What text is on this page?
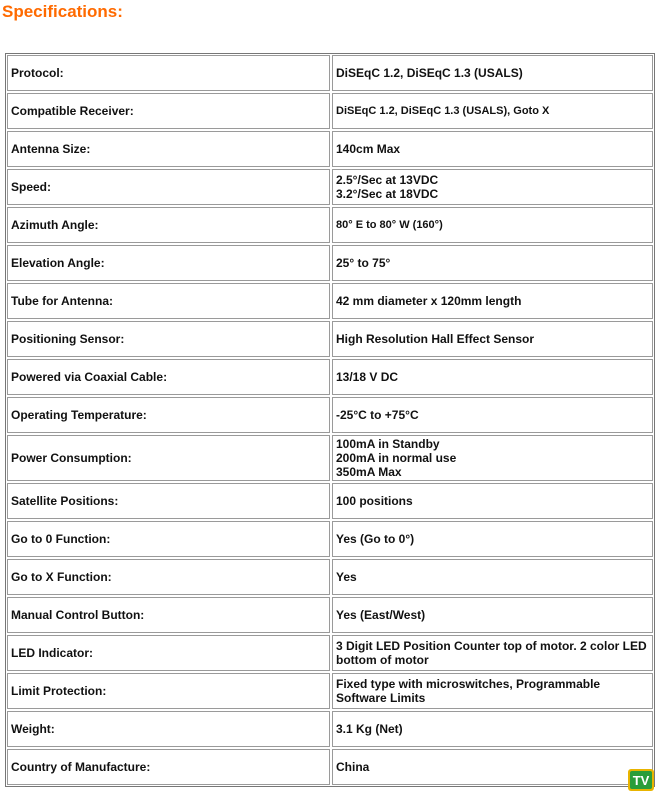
Specifications:
Protocol:	DiSEqC 1.2, DiSEqC 1.3 (USALS)
Compatible Receiver:	DiSEqC 1.2, DiSEqC 1.3 (USALS), Goto X
Antenna Size:	140cm Max
Speed:	2.5°/Sec at 13VDC
3.2°/Sec at 18VDC
Azimuth Angle:	80° E to 80° W (160°)
Elevation Angle:	25° to 75°
Tube for Antenna:	42 mm diameter x 120mm length
Positioning Sensor:	High Resolution Hall Effect Sensor
Powered via Coaxial Cable:	13/18 V DC
Operating Temperature:	-25°C to +75°C
Power Consumption:
100mA in Standby
200mA in normal use
350mA Max
Satellite Positions:	100 positions
Go to 0 Function:	Yes (Go to 0°)
Go to X Function:	Yes
Manual Control Button:	Yes (East/West)
LED Indicator:	3 Digit LED Position Counter top of motor. 2 color LED bottom of motor
Limit Protection:	Fixed type with microswitches, Programmable Software Limits
Weight:	3.1 Kg (Net)
Country of Manufacture:	China
TV
